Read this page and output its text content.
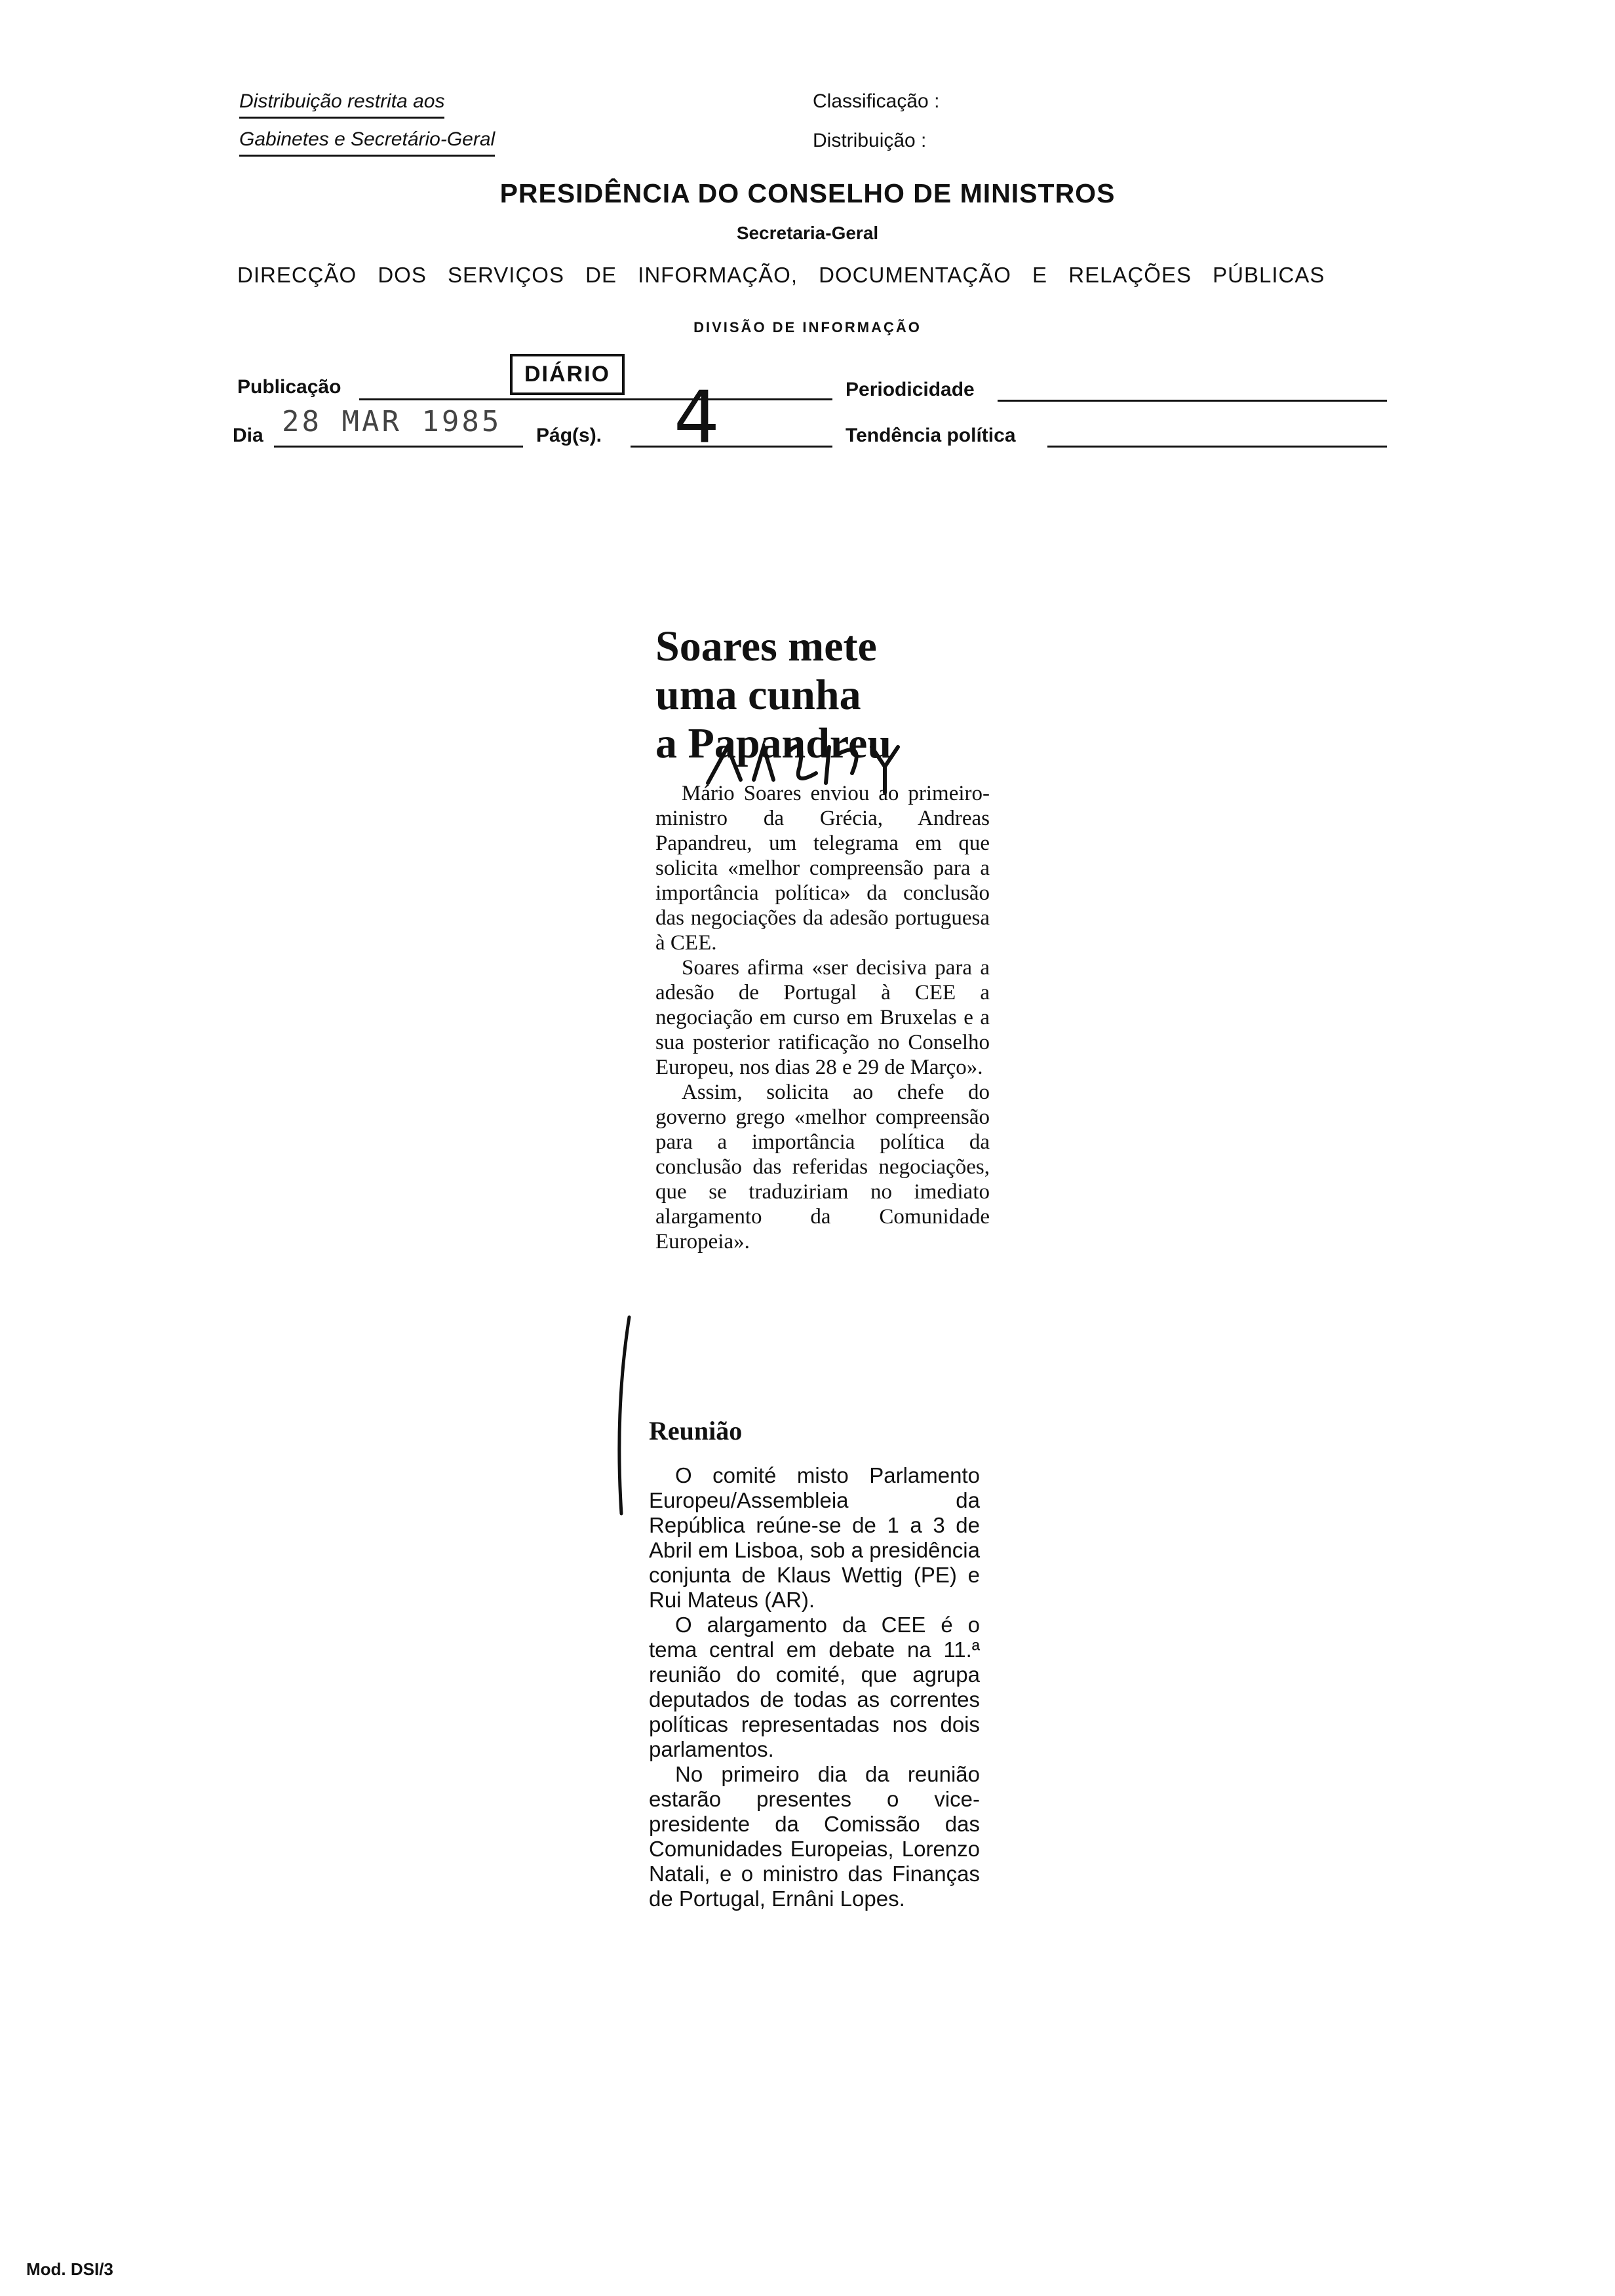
Distribuição restrita aos
Gabinetes e Secretário-Geral
Classificação :
Distribuição :
PRESIDÊNCIA DO CONSELHO DE MINISTROS
Secretaria-Geral
DIRECÇÃO DOS SERVIÇOS DE INFORMAÇÃO, DOCUMENTAÇÃO E RELAÇÕES PÚBLICAS
DIVISÃO DE INFORMAÇÃO
Publicação
DIÁRIO
Periodicidade
Dia 28 MAR 1985 Pág(s). 4	Tendência política
Soares mete
uma cunha
a Papandreu

Mário Soares enviou ao primeiro-ministro da Grécia, Andreas Papandreu, um telegrama em que solicita «melhor compreensão para a importância política» da conclusão das negociações da adesão portuguesa à CEE.

Soares afirma «ser decisiva para a adesão de Portugal à CEE a negociação em curso em Bruxelas e a sua posterior ratificação no Conselho Europeu, nos dias 28 e 29 de Março».

Assim, solicita ao chefe do governo grego «melhor compreensão para a importância política da conclusão das referidas negociações, que se traduziriam no imediato alargamento da Comunidade Europeia».

Reunião

O comité misto Parlamento Europeu/Assembleia da República reúne-se de 1 a 3 de Abril em Lisboa, sob a presidência conjunta de Klaus Wettig (PE) e Rui Mateus (AR).

O alargamento da CEE é o tema central em debate na 11.ª reunião do comité, que agrupa deputados de todas as correntes políticas representadas nos dois parlamentos.

No primeiro dia da reunião estarão presentes o vice-presidente da Comissão das Comunidades Europeias, Lorenzo Natali, e o ministro das Finanças de Portugal, Ernâni Lopes.

Mod. DSI/3
